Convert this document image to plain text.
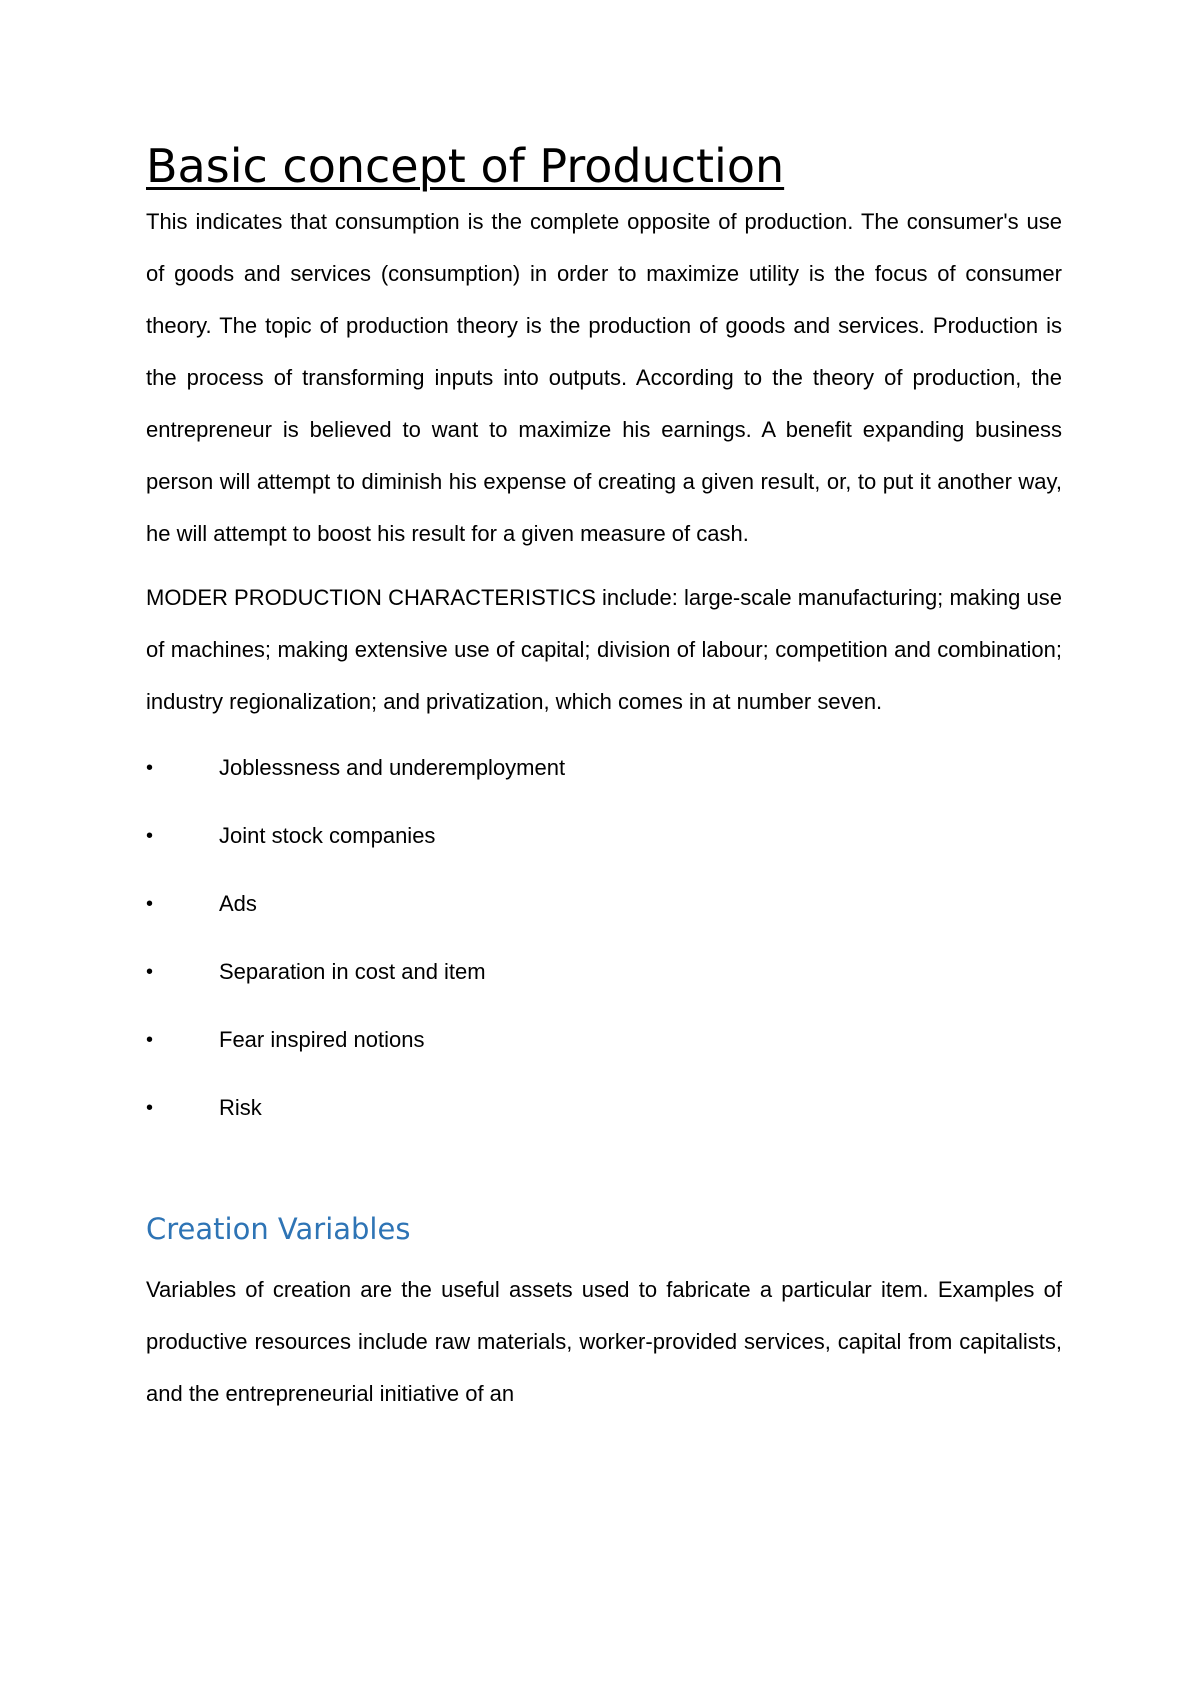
Basic concept of Production

This indicates that consumption is the complete opposite of production. The consumer's use of goods and services (consumption) in order to maximize utility is the focus of consumer theory. The topic of production theory is the production of goods and services. Production is the process of transforming inputs into outputs. According to the theory of production, the entrepreneur is believed to want to maximize his earnings. A benefit expanding business person will attempt to diminish his expense of creating a given result, or, to put it another way, he will attempt to boost his result for a given measure of cash.

MODER PRODUCTION CHARACTERISTICS include: large-scale manufacturing; making use of machines; making extensive use of capital; division of labour; competition and combination; industry regionalization; and privatization, which comes in at number seven.

•	Joblessness and underemployment
•	Joint stock companies
•	Ads
•	Separation in cost and item
•	Fear inspired notions
•	Risk
Creation Variables

Variables of creation are the useful assets used to fabricate a particular item. Examples of productive resources include raw materials, worker-provided services, capital from capitalists, and the entrepreneurial initiative of an
